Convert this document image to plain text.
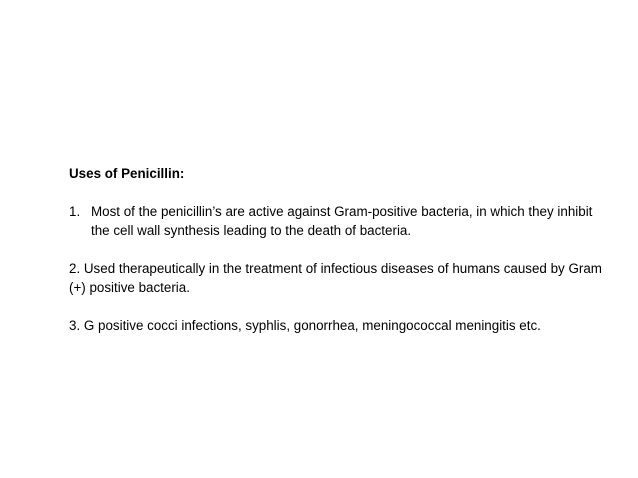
Uses of Penicillin:
1. Most of the penicillin’s are active against Gram-positive bacteria, in which they inhibit the cell wall synthesis leading to the death of bacteria.
2. Used therapeutically in the treatment of infectious diseases of humans caused by Gram (+) positive bacteria.
3. G positive cocci infections, syphlis, gonorrhea, meningococcal meningitis etc.
